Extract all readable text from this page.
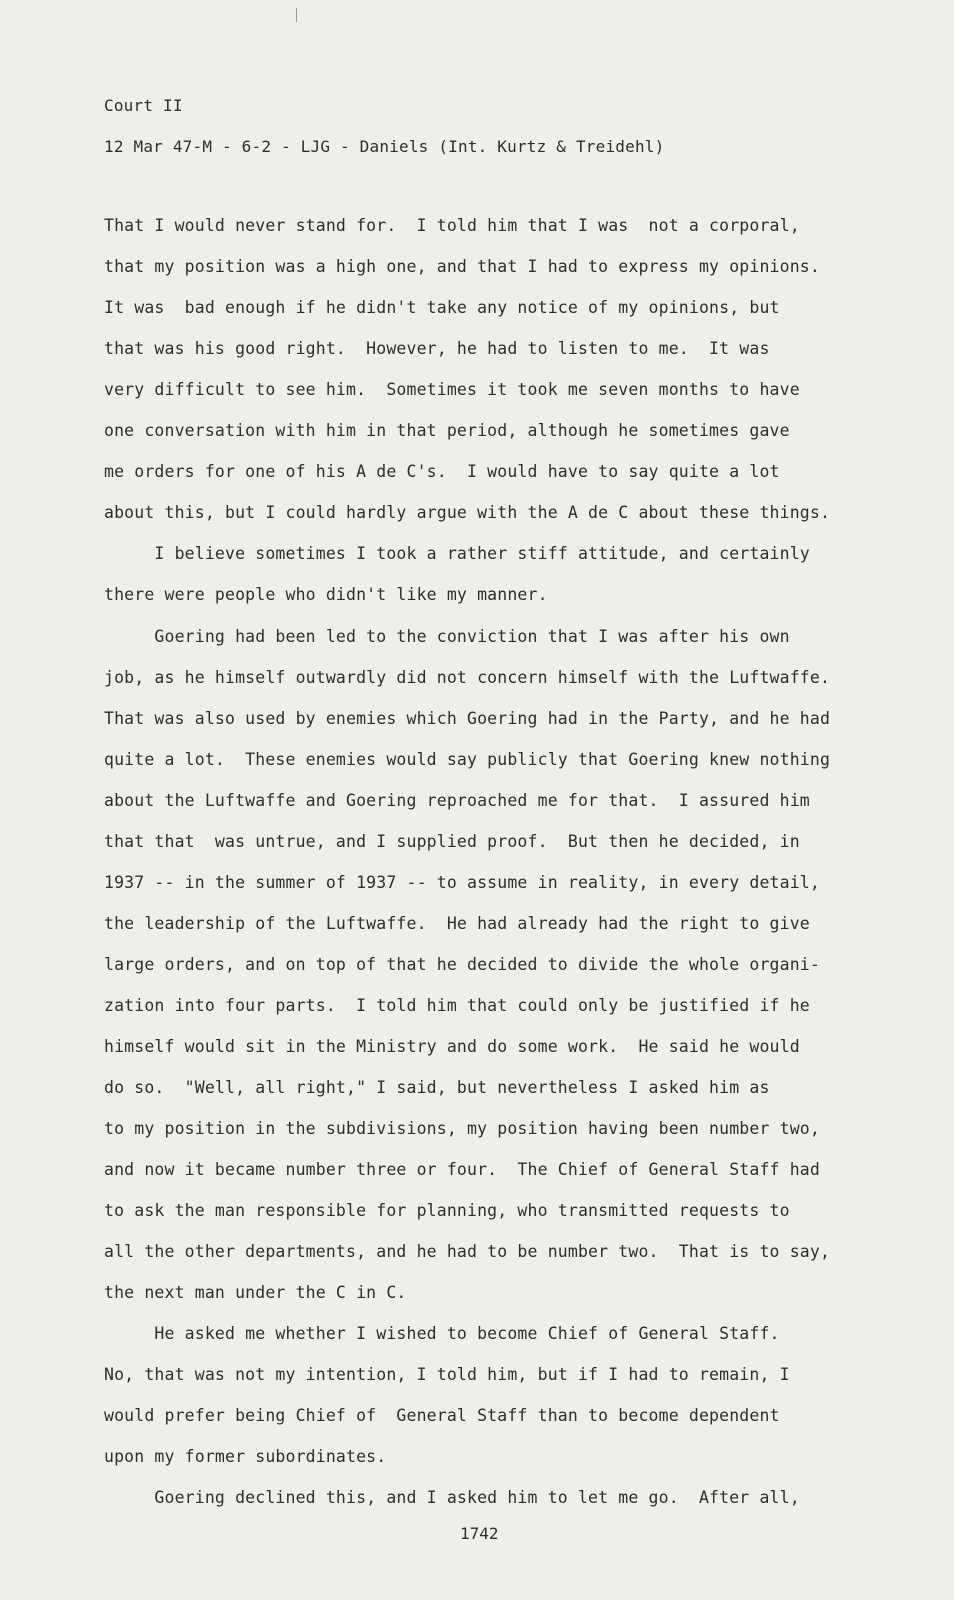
Court II
12 Mar 47-M - 6-2 - LJG - Daniels (Int. Kurtz & Treidehl)
That I would never stand for.  I told him that I was  not a corporal,
that my position was a high one, and that I had to express my opinions.
It was  bad enough if he didn't take any notice of my opinions, but
that was his good right.  However, he had to listen to me.  It was
very difficult to see him.  Sometimes it took me seven months to have
one conversation with him in that period, although he sometimes gave
me orders for one of his A de C's.  I would have to say quite a lot
about this, but I could hardly argue with the A de C about these things.
I believe sometimes I took a rather stiff attitude, and certainly
there were people who didn't like my manner.
Goering had been led to the conviction that I was after his own
job, as he himself outwardly did not concern himself with the Luftwaffe.
That was also used by enemies which Goering had in the Party, and he had
quite a lot.  These enemies would say publicly that Goering knew nothing
about the Luftwaffe and Goering reproached me for that.  I assured him
that that  was untrue, and I supplied proof.  But then he decided, in
1937 -- in the summer of 1937 -- to assume in reality, in every detail,
the leadership of the Luftwaffe.  He had already had the right to give
large orders, and on top of that he decided to divide the whole organi-
zation into four parts.  I told him that could only be justified if he
himself would sit in the Ministry and do some work.  He said he would
do so.  "Well, all right," I said, but nevertheless I asked him as
to my position in the subdivisions, my position having been number two,
and now it became number three or four.  The Chief of General Staff had
to ask the man responsible for planning, who transmitted requests to
all the other departments, and he had to be number two.  That is to say,
the next man under the C in C.
He asked me whether I wished to become Chief of General Staff.
No, that was not my intention, I told him, but if I had to remain, I
would prefer being Chief of  General Staff than to become dependent
upon my former subordinates.
Goering declined this, and I asked him to let me go.  After all,
1742
